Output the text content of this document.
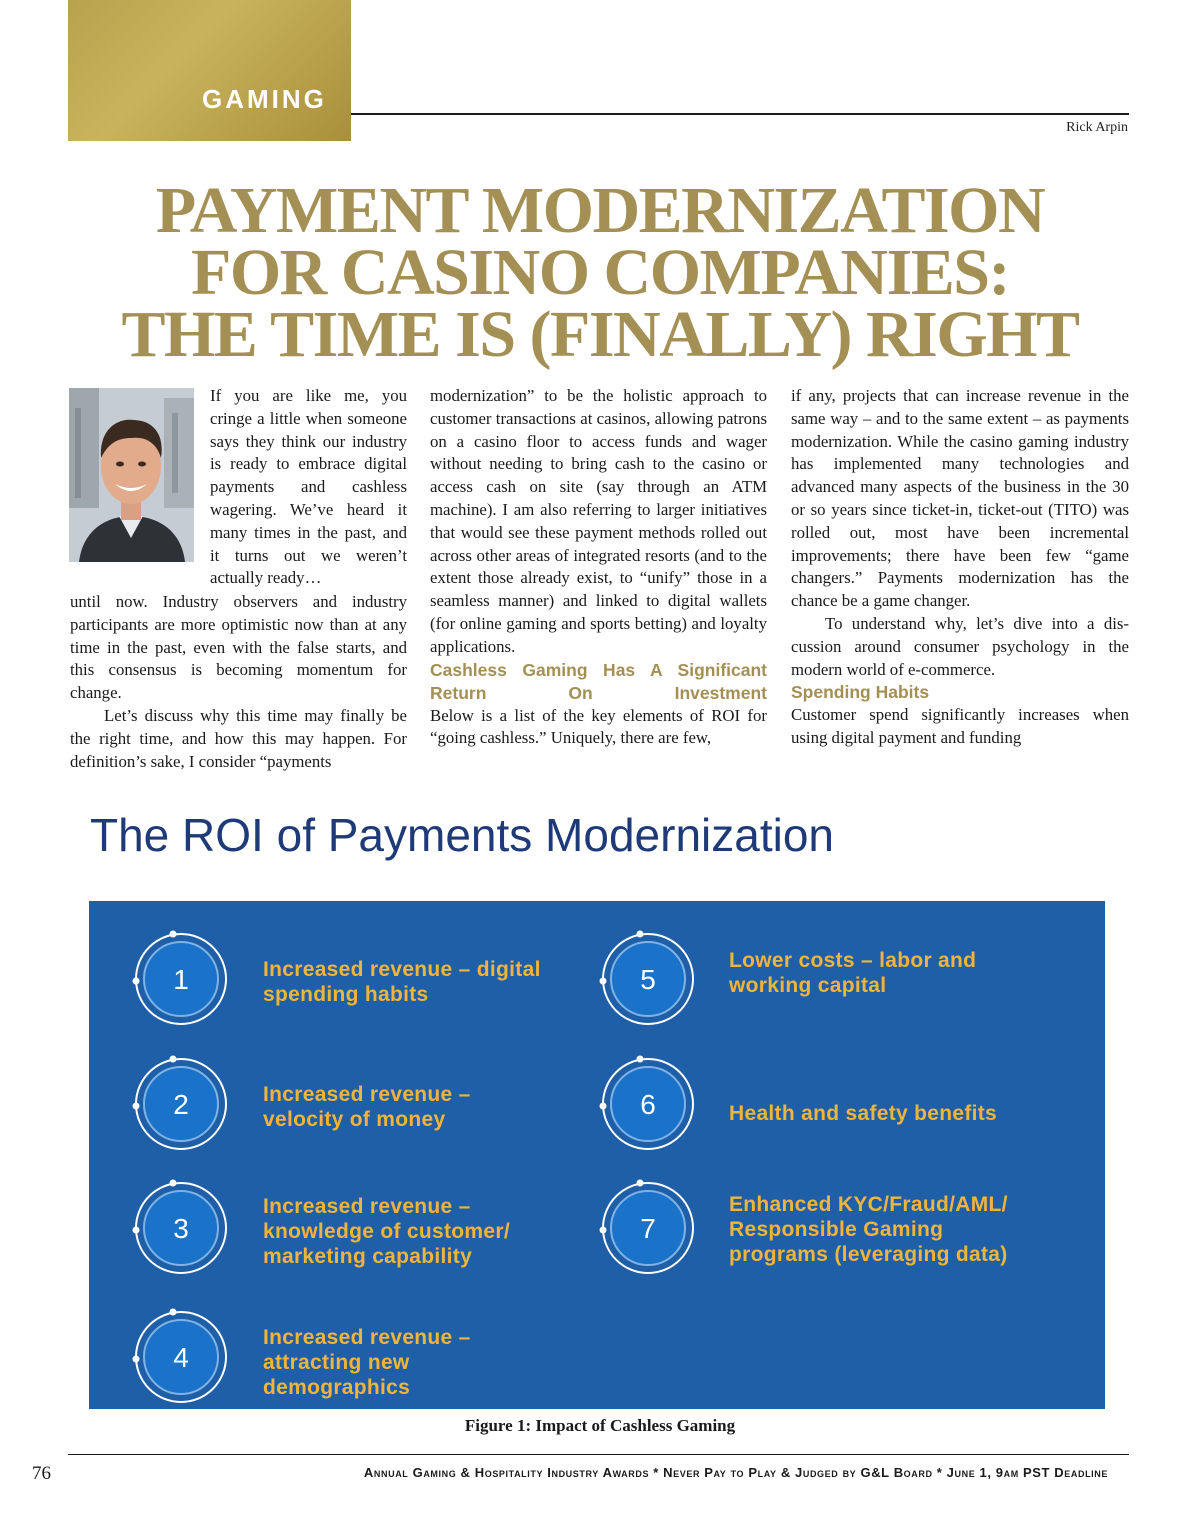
GAMING
Rick Arpin
PAYMENT MODERNIZATION
FOR CASINO COMPANIES:
THE TIME IS (FINALLY) RIGHT

If you are like me, you cringe a little when someone says they think our industry is ready to embrace digital payments and cashless wagering. We’ve heard it many times in the past, and it turns out we weren’t actually ready…

until now. Industry observers and industry participants are more optimistic now than at any time in the past, even with the false starts, and this consensus is becoming momentum for change.

Let’s discuss why this time may finally be the right time, and how this may happen. For definition’s sake, I consider “payments

modernization” to be the holistic approach to customer transactions at casinos, allowing patrons on a casino floor to access funds and wager without needing to bring cash to the casino or access cash on site (say through an ATM machine). I am also referring to larger initiatives that would see these payment methods rolled out across other areas of integrated resorts (and to the extent those already exist, to “unify” those in a seamless manner) and linked to digital wallets (for online gaming and sports betting) and loyalty applications.

Cashless Gaming Has A Significant Return On Investment

Below is a list of the key elements of ROI for “going cashless.” Uniquely, there are few,

if any, projects that can increase revenue in the same way – and to the same extent – as payments modernization. While the casino gaming industry has implemented many technologies and advanced many aspects of the business in the 30 or so years since ticket-in, ticket-out (TITO) was rolled out, most have been incremental improvements; there have been few “game changers.” Payments modernization has the chance be a game changer.

To understand why, let’s dive into a discussion around consumer psychology in the modern world of e-commerce.

Spending Habits

Customer spend significantly increases when using digital payment and funding

The ROI of Payments Modernization
1	Increased revenue – digital
spending habits
2	Increased revenue –
velocity of money
3
Increased revenue –
knowledge of customer/
marketing capability
4
Increased revenue –
attracting new
demographics
5
Lower costs – labor and
working capital
6	Health and safety benefits
7
Enhanced KYC/Fraud/AML/
Responsible Gaming
programs (leveraging data)
Figure 1: Impact of Cashless Gaming
76	Annual Gaming & Hospitality Industry Awards * Never Pay to Play & Judged by G&L Board * June 1, 9am PST Deadline
